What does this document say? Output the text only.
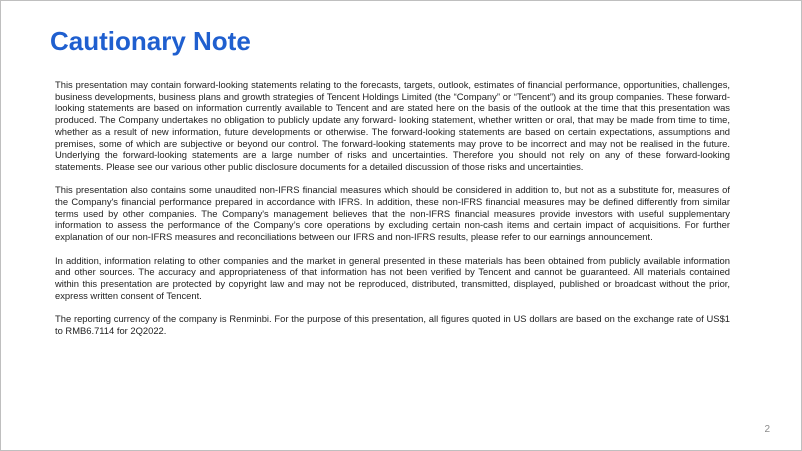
Cautionary Note

This presentation may contain forward-looking statements relating to the forecasts, targets, outlook, estimates of financial performance, opportunities, challenges, business developments, business plans and growth strategies of Tencent Holdings Limited (the “Company” or “Tencent”) and its group companies. These forward-looking statements are based on information currently available to Tencent and are stated here on the basis of the outlook at the time that this presentation was produced. The Company undertakes no obligation to publicly update any forward- looking statement, whether written or oral, that may be made from time to time, whether as a result of new information, future developments or otherwise. The forward-looking statements are based on certain expectations, assumptions and premises, some of which are subjective or beyond our control. The forward-looking statements may prove to be incorrect and may not be realised in the future. Underlying the forward-looking statements are a large number of risks and uncertainties. Therefore you should not rely on any of these forward-looking statements. Please see our various other public disclosure documents for a detailed discussion of those risks and uncertainties.

This presentation also contains some unaudited non-IFRS financial measures which should be considered in addition to, but not as a substitute for, measures of the Company's financial performance prepared in accordance with IFRS. In addition, these non-IFRS financial measures may be defined differently from similar terms used by other companies. The Company's management believes that the non-IFRS financial measures provide investors with useful supplementary information to assess the performance of the Company’s core operations by excluding certain non-cash items and certain impact of acquisitions. For further explanation of our non-IFRS measures and reconciliations between our IFRS and non-IFRS results, please refer to our earnings announcement.

In addition, information relating to other companies and the market in general presented in these materials has been obtained from publicly available information and other sources. The accuracy and appropriateness of that information has not been verified by Tencent and cannot be guaranteed. All materials contained within this presentation are protected by copyright law and may not be reproduced, distributed, transmitted, displayed, published or broadcast without the prior, express written consent of Tencent.

The reporting currency of the company is Renminbi. For the purpose of this presentation, all figures quoted in US dollars are based on the exchange rate of US$1 to RMB6.7114 for 2Q2022.

2
